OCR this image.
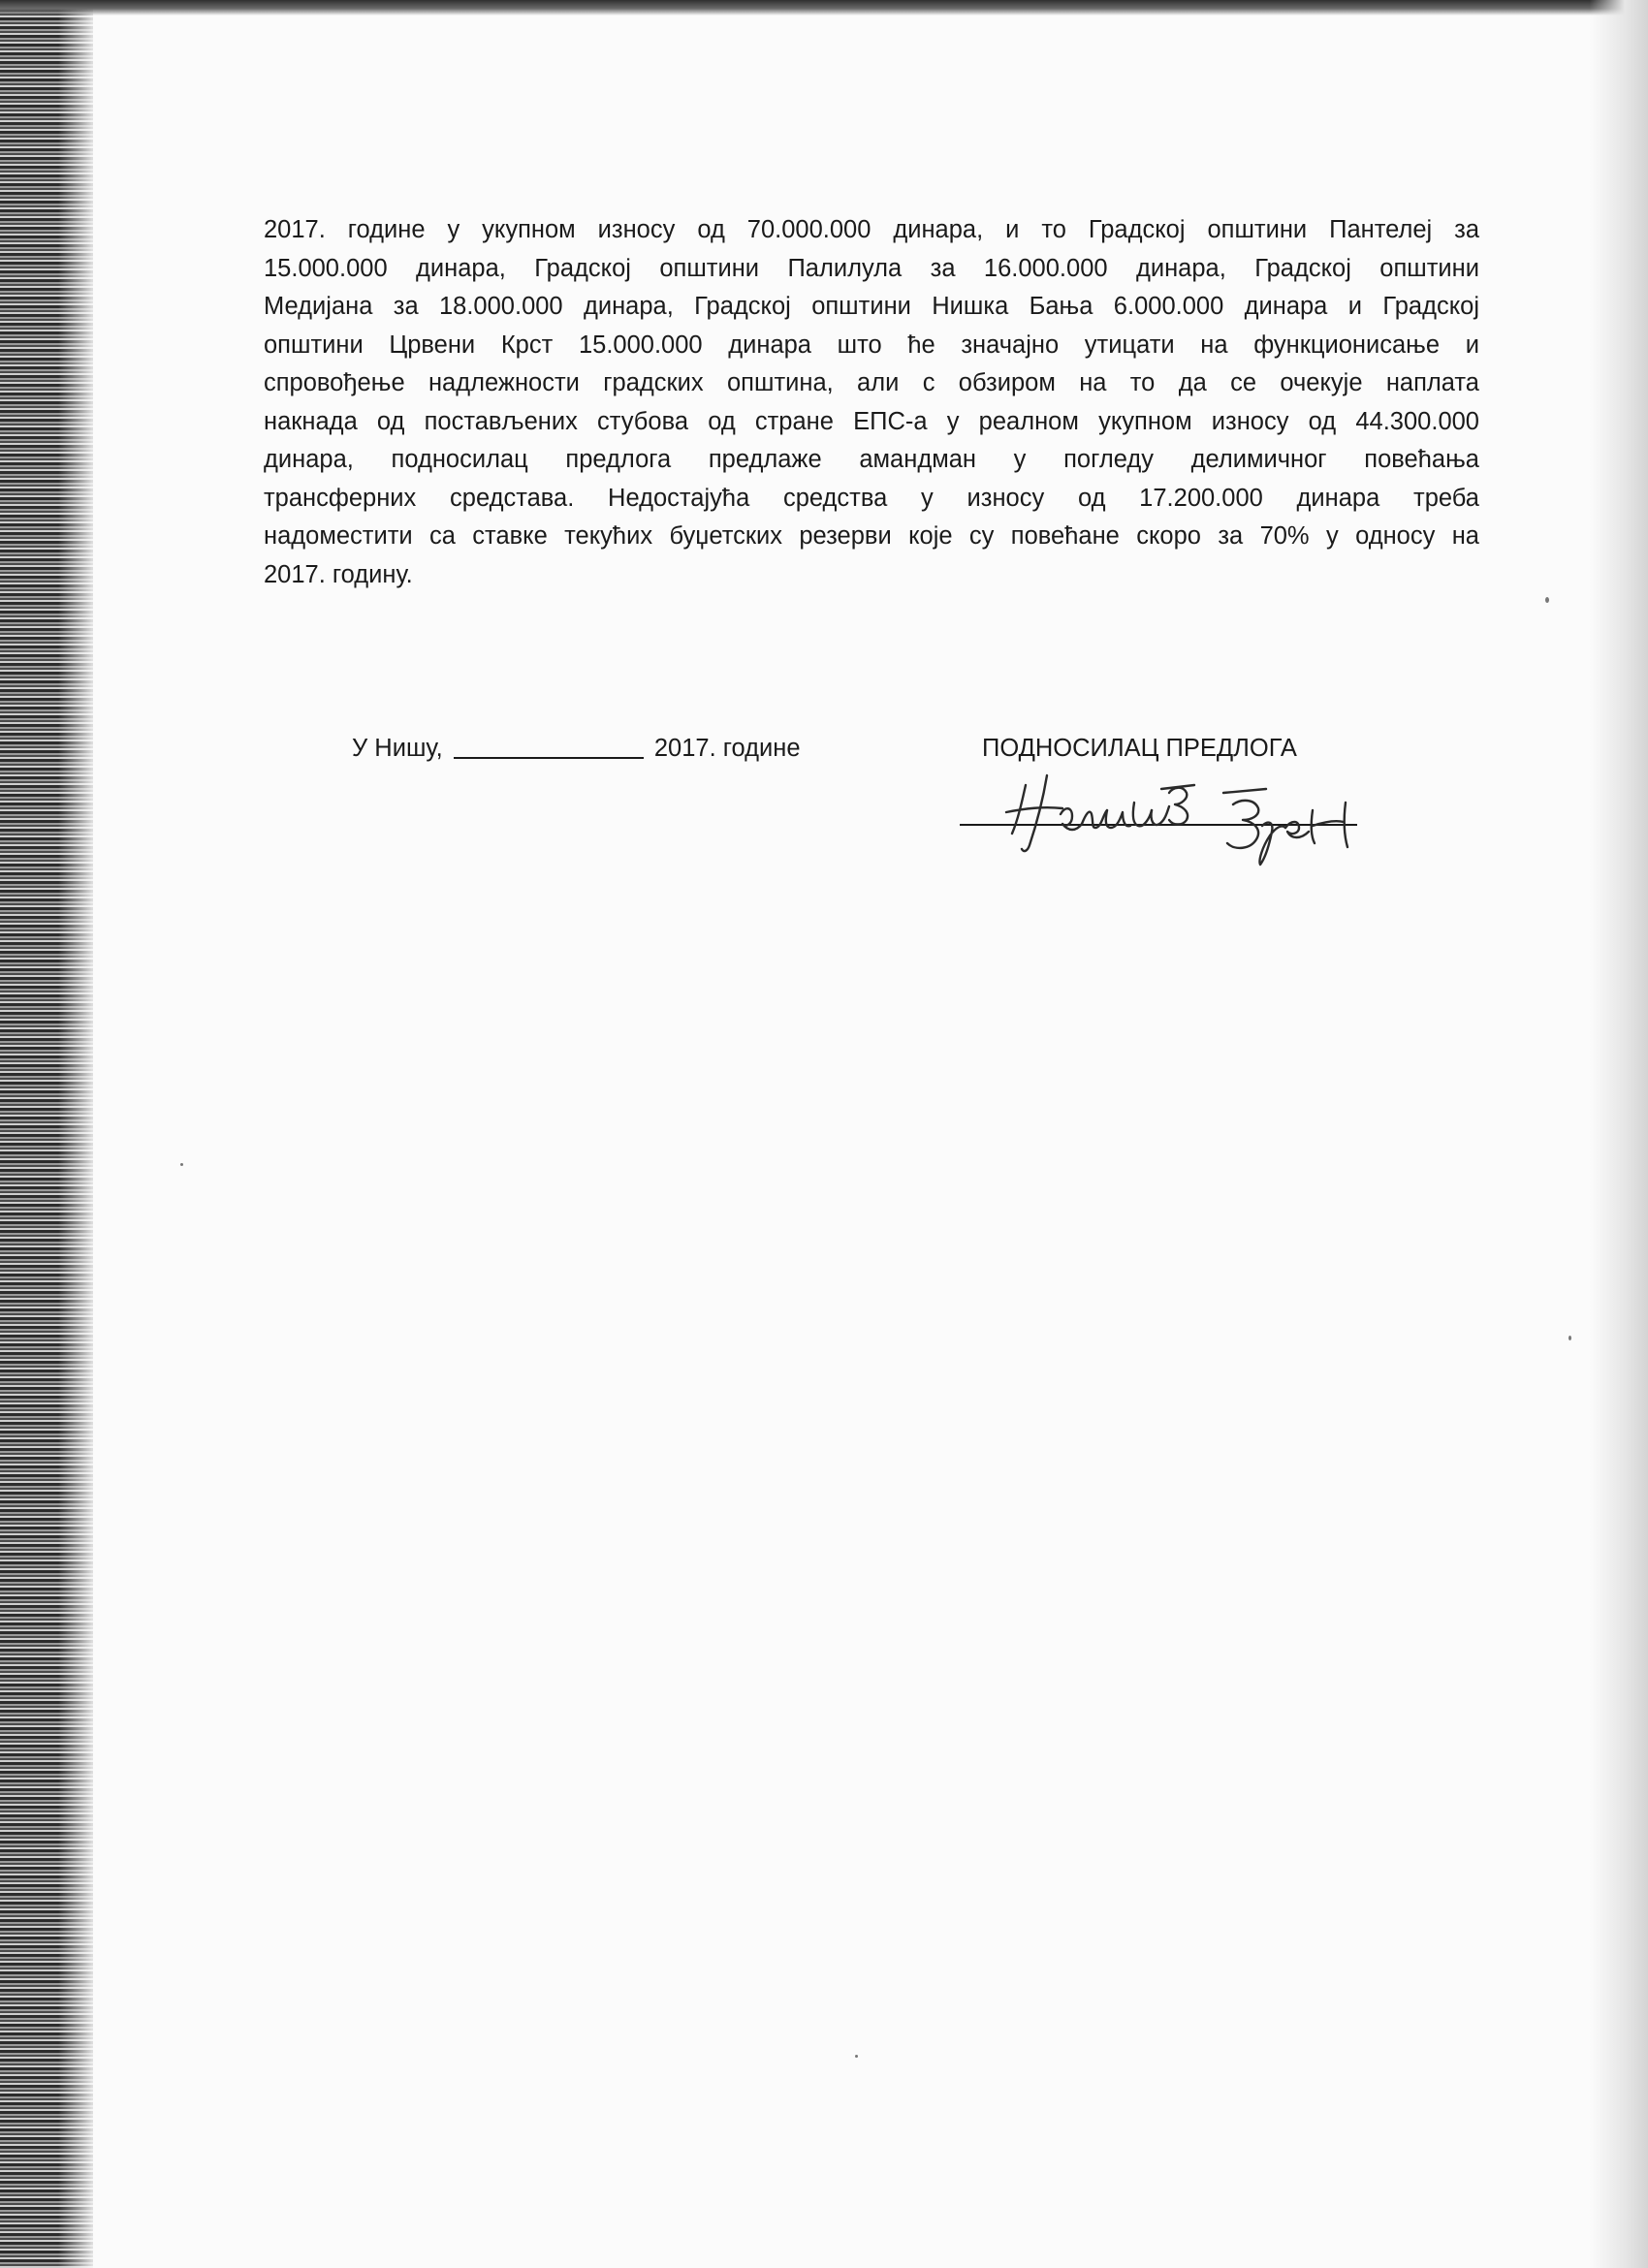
2017. године у укупном износу од 70.000.000 динара, и то Градској општини Пантелеј за
15.000.000 динара, Градској општини Палилула за 16.000.000 динара, Градској општини
Медијана за 18.000.000 динара, Градској општини Нишка Бања 6.000.000 динара и Градској
општини Црвени Крст 15.000.000 динара што ће значајно утицати на функционисање и
спровођење надлежности градских општина, али с обзиром на то да се очекује наплата
накнада од постављених стубова од стране ЕПС-а у реалном укупном износу од 44.300.000
динара, подносилац предлога предлаже амандман у погледу делимичног повећања
трансферних средстава. Недостајућа средства у износу од 17.200.000 динара треба
надоместити са ставке текућих буџетских резерви које су повећане скоро за 70% у односу на
2017. годину.

У Нишу,	2017. године	ПОДНОСИЛАЦ ПРЕДЛОГА
